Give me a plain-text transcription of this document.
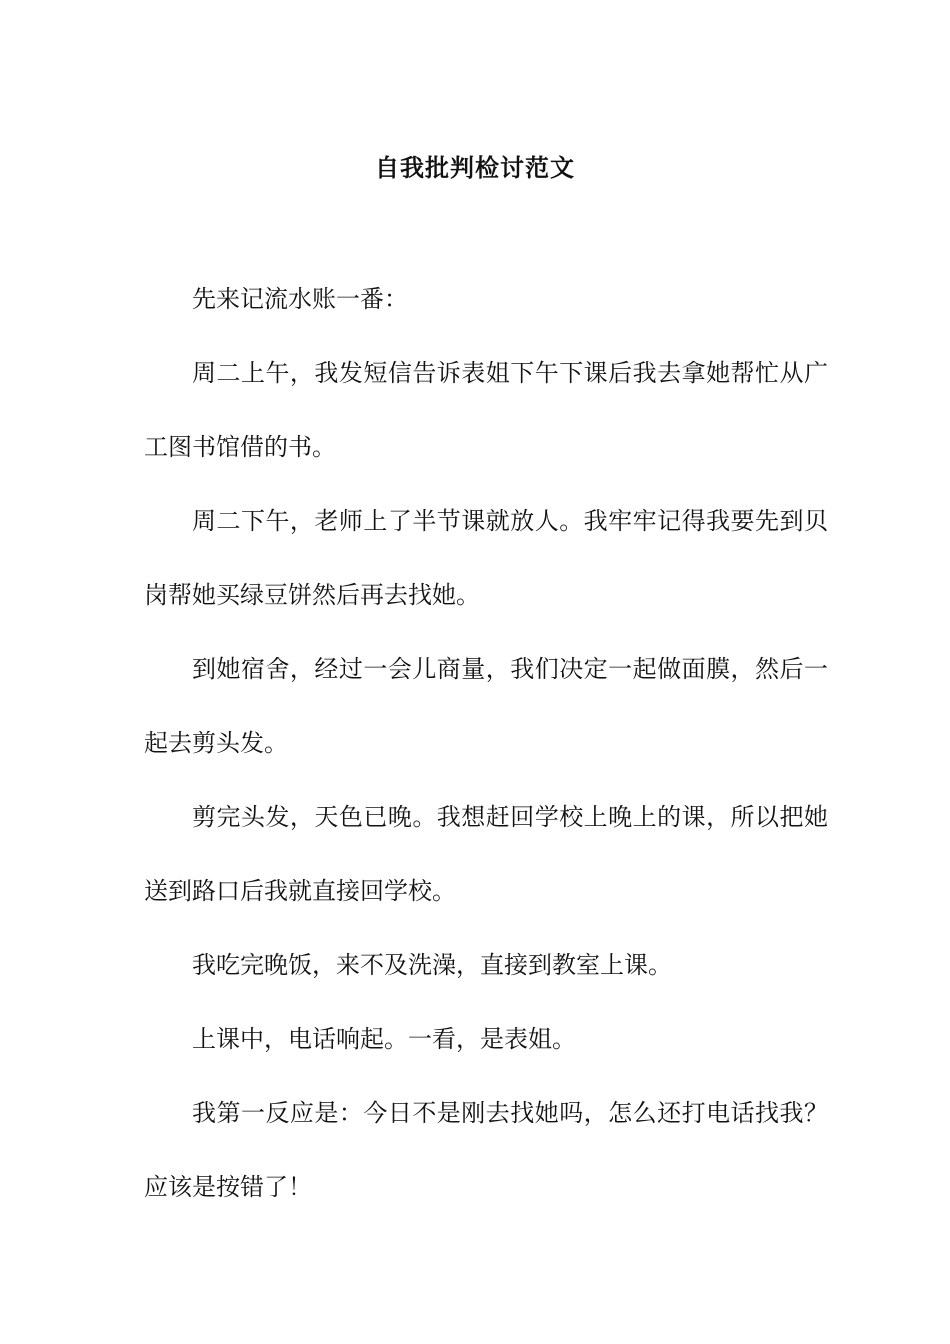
自我批判检讨范文

先来记流水账一番：

周二上午，我发短信告诉表姐下午下课后我去拿她帮忙从广工图书馆借的书。

周二下午，老师上了半节课就放人。我牢牢记得我要先到贝岗帮她买绿豆饼然后再去找她。

到她宿舍，经过一会儿商量，我们决定一起做面膜，然后一起去剪头发。

剪完头发，天色已晚。我想赶回学校上晚上的课，所以把她送到路口后我就直接回学校。

我吃完晚饭，来不及洗澡，直接到教室上课。

上课中，电话响起。一看，是表姐。

我第一反应是：今日不是刚去找她吗，怎么还打电话找我？应该是按错了！
